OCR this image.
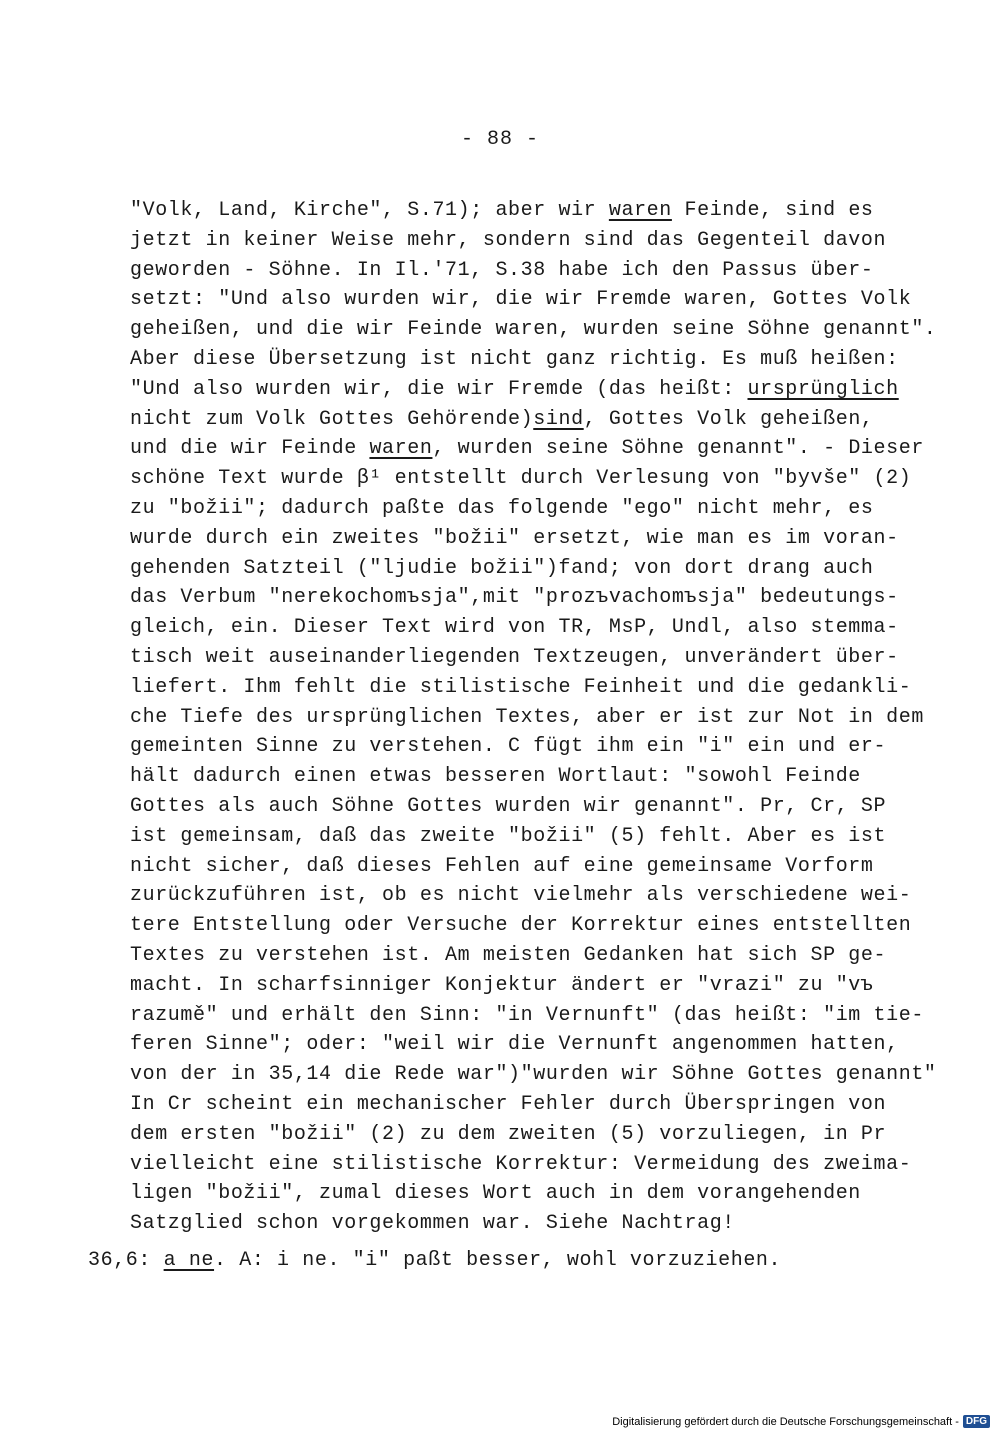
- 88 -
"Volk, Land, Kirche", S.71); aber wir waren Feinde, sind es
jetzt in keiner Weise mehr, sondern sind das Gegenteil davon
geworden - Söhne. In Il.'71, S.38 habe ich den Passus über-
setzt: "Und also wurden wir, die wir Fremde waren, Gottes Volk
geheißen, und die wir Feinde waren, wurden seine Söhne genannt".
Aber diese Übersetzung ist nicht ganz richtig. Es muß heißen:
"Und also wurden wir, die wir Fremde (das heißt: ursprünglich
nicht zum Volk Gottes Gehörende)sind, Gottes Volk geheißen,
und die wir Feinde waren, wurden seine Söhne genannt". - Dieser
schöne Text wurde β¹ entstellt durch Verlesung von "byvše" (2)
zu "božii"; dadurch paßte das folgende "ego" nicht mehr, es
wurde durch ein zweites "božii" ersetzt, wie man es im voran-
gehenden Satzteil ("ljudie božii")fand; von dort drang auch
das Verbum "nerekochomъsja",mit "prozъvachomъsja" bedeutungs-
gleich, ein. Dieser Text wird von TR, MsP, Undl, also stemma-
tisch weit auseinanderliegenden Textzeugen, unverändert über-
liefert. Ihm fehlt die stilistische Feinheit und die gedankli-
che Tiefe des ursprünglichen Textes, aber er ist zur Not in dem
gemeinten Sinne zu verstehen. C fügt ihm ein "i" ein und er-
hält dadurch einen etwas besseren Wortlaut: "sowohl Feinde
Gottes als auch Söhne Gottes wurden wir genannt". Pr, Cr, SP
ist gemeinsam, daß das zweite "božii" (5) fehlt. Aber es ist
nicht sicher, daß dieses Fehlen auf eine gemeinsame Vorform
zurückzuführen ist, ob es nicht vielmehr als verschiedene wei-
tere Entstellung oder Versuche der Korrektur eines entstellten
Textes zu verstehen ist. Am meisten Gedanken hat sich SP ge-
macht. In scharfsinniger Konjektur ändert er "vrazi" zu "vъ
razumě" und erhält den Sinn: "in Vernunft" (das heißt: "im tie-
feren Sinne"; oder: "weil wir die Vernunft angenommen hatten,
von der in 35,14 die Rede war")"wurden wir Söhne Gottes genannt"
In Cr scheint ein mechanischer Fehler durch Überspringen von
dem ersten "božii" (2) zu dem zweiten (5) vorzuliegen, in Pr
vielleicht eine stilistische Korrektur: Vermeidung des zweima-
ligen "božii", zumal dieses Wort auch in dem vorangehenden
Satzglied schon vorgekommen war. Siehe Nachtrag!
36,6: a ne. A: i ne. "i" paßt besser, wohl vorzuziehen.
Digitalisierung gefördert durch die Deutsche Forschungsgemeinschaft - DFG
